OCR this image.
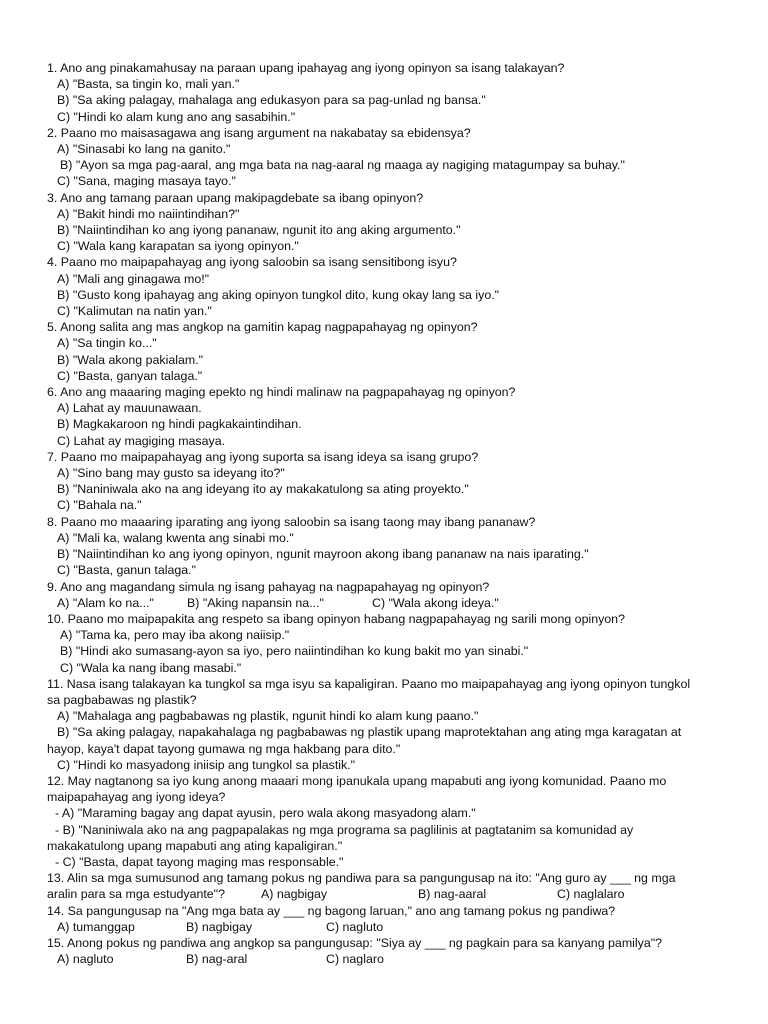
1. Ano ang pinakamahusay na paraan upang ipahayag ang iyong opinyon sa isang talakayan?

A) "Basta, sa tingin ko, mali yan."

B) "Sa aking palagay, mahalaga ang edukasyon para sa pag-unlad ng bansa."

C) "Hindi ko alam kung ano ang sasabihin."

2. Paano mo maisasagawa ang isang argument na nakabatay sa ebidensya?

A) "Sinasabi ko lang na ganito."

B) "Ayon sa mga pag-aaral, ang mga bata na nag-aaral ng maaga ay nagiging matagumpay sa buhay."

C) "Sana, maging masaya tayo."

3. Ano ang tamang paraan upang makipagdebate sa ibang opinyon?

A) "Bakit hindi mo naiintindihan?"

B) "Naiintindihan ko ang iyong pananaw, ngunit ito ang aking argumento."

C) "Wala kang karapatan sa iyong opinyon."

4. Paano mo maipapahayag ang iyong saloobin sa isang sensitibong isyu?

A) "Mali ang ginagawa mo!"

B) "Gusto kong ipahayag ang aking opinyon tungkol dito, kung okay lang sa iyo."

C) "Kalimutan na natin yan."

5. Anong salita ang mas angkop na gamitin kapag nagpapahayag ng opinyon?

A) "Sa tingin ko..."

B) "Wala akong pakialam."

C) "Basta, ganyan talaga."

6. Ano ang maaaring maging epekto ng hindi malinaw na pagpapahayag ng opinyon?

A) Lahat ay mauunawaan.

B) Magkakaroon ng hindi pagkakaintindihan.

C) Lahat ay magiging masaya.

7. Paano mo maipapahayag ang iyong suporta sa isang ideya sa isang grupo?

A) "Sino bang may gusto sa ideyang ito?"

B) "Naniniwala ako na ang ideyang ito ay makakatulong sa ating proyekto."

C) "Bahala na."

8. Paano mo maaaring iparating ang iyong saloobin sa isang taong may ibang pananaw?

A) "Mali ka, walang kwenta ang sinabi mo."

B) "Naiintindihan ko ang iyong opinyon, ngunit mayroon akong ibang pananaw na nais iparating."

C) "Basta, ganun talaga."

9. Ano ang magandang simula ng isang pahayag na nagpapahayag ng opinyon?

A) "Alam ko na..."	B) "Aking napansin na..."	C) "Wala akong ideya."

10. Paano mo maipapakita ang respeto sa ibang opinyon habang nagpapahayag ng sarili mong opinyon?

A) "Tama ka, pero may iba akong naiisip."

B) "Hindi ako sumasang-ayon sa iyo, pero naiintindihan ko kung bakit mo yan sinabi."

C) "Wala ka nang ibang masabi."

11. Nasa isang talakayan ka tungkol sa mga isyu sa kapaligiran. Paano mo maipapahayag ang iyong opinyon tungkol

sa pagbabawas ng plastik?

A) "Mahalaga ang pagbabawas ng plastik, ngunit hindi ko alam kung paano."

B) "Sa aking palagay, napakahalaga ng pagbabawas ng plastik upang maprotektahan ang ating mga karagatan at

hayop, kaya't dapat tayong gumawa ng mga hakbang para dito."

C) "Hindi ko masyadong iniisip ang tungkol sa plastik."

12. May nagtanong sa iyo kung anong maaari mong ipanukala upang mapabuti ang iyong komunidad. Paano mo

maipapahayag ang iyong ideya?

- A) "Maraming bagay ang dapat ayusin, pero wala akong masyadong alam."

- B) "Naniniwala ako na ang pagpapalakas ng mga programa sa paglilinis at pagtatanim sa komunidad ay

makakatulong upang mapabuti ang ating kapaligiran."

- C) "Basta, dapat tayong maging mas responsable."

13. Alin sa mga sumusunod ang tamang pokus ng pandiwa para sa pangungusap na ito: "Ang guro ay ___ ng mga

aralin para sa mga estudyante"?	A) nagbigay	B) nag-aaral	C) naglalaro

14. Sa pangungusap na "Ang mga bata ay ___ ng bagong laruan," ano ang tamang pokus ng pandiwa?

A) tumanggap	B) nagbigay	C) nagluto

15. Anong pokus ng pandiwa ang angkop sa pangungusap: "Siya ay ___ ng pagkain para sa kanyang pamilya"?

A) nagluto	B) nag-aral	C) naglaro
